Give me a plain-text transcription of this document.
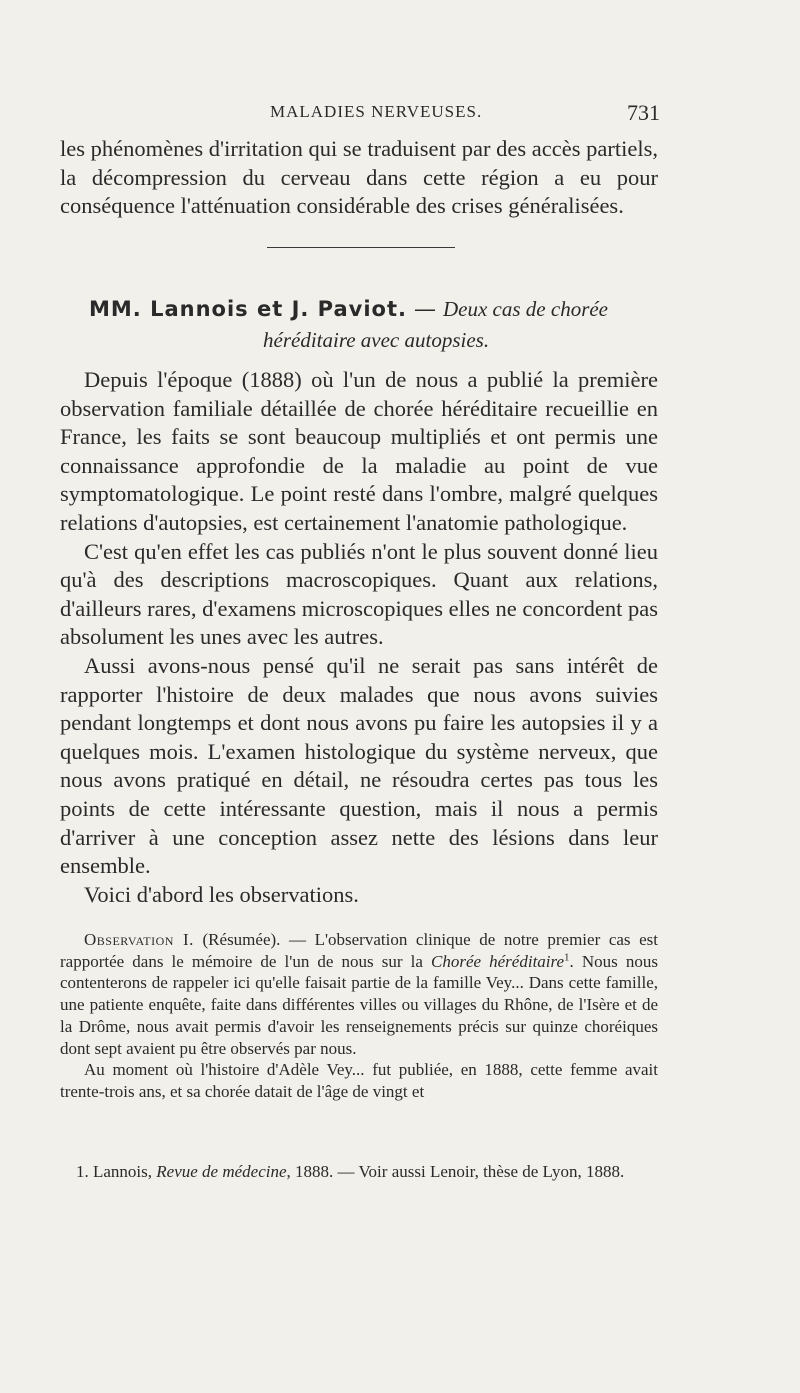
MALADIES NERVEUSES.	731

les phénomènes d'irritation qui se traduisent par des accès partiels, la décompression du cerveau dans cette région a eu pour conséquence l'atténuation considérable des crises généralisées.

MM. Lannois et J. Paviot. — Deux cas de chorée
héréditaire avec autopsies.

Depuis l'époque (1888) où l'un de nous a publié la première observation familiale détaillée de chorée héréditaire recueillie en France, les faits se sont beaucoup multipliés et ont permis une connaissance approfondie de la maladie au point de vue symptomatologique. Le point resté dans l'ombre, malgré quelques relations d'autopsies, est certainement l'anatomie pathologique.

C'est qu'en effet les cas publiés n'ont le plus souvent donné lieu qu'à des descriptions macroscopiques. Quant aux relations, d'ailleurs rares, d'examens microscopiques elles ne concordent pas absolument les unes avec les autres.

Aussi avons-nous pensé qu'il ne serait pas sans intérêt de rapporter l'histoire de deux malades que nous avons suivies pendant longtemps et dont nous avons pu faire les autopsies il y a quelques mois. L'examen histologique du système nerveux, que nous avons pratiqué en détail, ne résoudra certes pas tous les points de cette intéressante question, mais il nous a permis d'arriver à une conception assez nette des lésions dans leur ensemble.

Voici d'abord les observations.

Observation I. (Résumée). — L'observation clinique de notre premier cas est rapportée dans le mémoire de l'un de nous sur la Chorée héréditaire$^1$. Nous nous contenterons de rappeler ici qu'elle faisait partie de la famille Vey... Dans cette famille, une patiente enquête, faite dans différentes villes ou villages du Rhône, de l'Isère et de la Drôme, nous avait permis d'avoir les renseignements précis sur quinze choréiques dont sept avaient pu être observés par nous.

Au moment où l'histoire d'Adèle Vey... fut publiée, en 1888, cette femme avait trente-trois ans, et sa chorée datait de l'âge de vingt et

1. Lannois, Revue de médecine, 1888. — Voir aussi Lenoir, thèse de Lyon, 1888.
